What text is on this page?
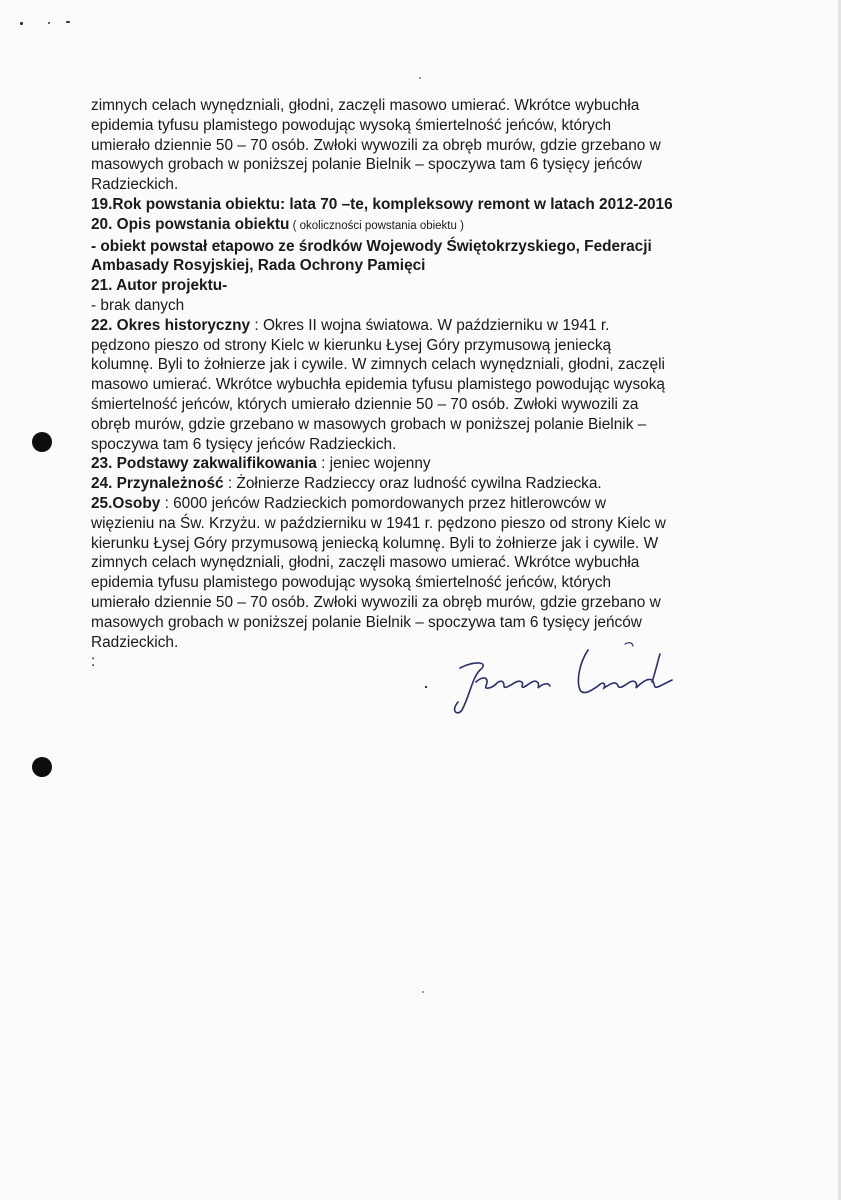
zimnych celach wynędzniali, głodni, zaczęli masowo umierać. Wkrótce wybuchła
epidemia tyfusu plamistego powodując wysoką śmiertelność jeńców, których
umierało dziennie 50 – 70 osób. Zwłoki wywozili za obręb murów, gdzie grzebano w
masowych grobach w poniższej polanie Bielnik – spoczywa tam 6 tysięcy jeńców
Radzieckich.
19.Rok powstania obiektu: lata 70 –te, kompleksowy remont w latach 2012-2016
20. Opis powstania obiektu ( okoliczności powstania obiektu )
- obiekt powstał etapowo ze środków Wojewody Świętokrzyskiego, Federacji
Ambasady Rosyjskiej, Rada Ochrony Pamięci
21. Autor projektu-
- brak danych
22. Okres historyczny : Okres II wojna światowa. W październiku w 1941 r.
pędzono pieszo od strony Kielc w kierunku Łysej Góry przymusową jeniecką
kolumnę. Byli to żołnierze jak i cywile. W zimnych celach wynędzniali, głodni, zaczęli
masowo umierać. Wkrótce wybuchła epidemia tyfusu plamistego powodując wysoką
śmiertelność jeńców, których umierało dziennie 50 – 70 osób. Zwłoki wywozili za
obręb murów, gdzie grzebano w masowych grobach w poniższej polanie Bielnik –
spoczywa tam 6 tysięcy jeńców Radzieckich.
23. Podstawy zakwalifikowania : jeniec wojenny
24. Przynależność : Żołnierze Radzieccy oraz ludność cywilna Radziecka.
25.Osoby : 6000 jeńców Radzieckich pomordowanych przez hitlerowców w
więzieniu na Św. Krzyżu. w październiku w 1941 r. pędzono pieszo od strony Kielc w
kierunku Łysej Góry przymusową jeniecką kolumnę. Byli to żołnierze jak i cywile. W
zimnych celach wynędzniali, głodni, zaczęli masowo umierać. Wkrótce wybuchła
epidemia tyfusu plamistego powodując wysoką śmiertelność jeńców, których
umierało dziennie 50 – 70 osób. Zwłoki wywozili za obręb murów, gdzie grzebano w
masowych grobach w poniższej polanie Bielnik – spoczywa tam 6 tysięcy jeńców
Radzieckich.
:
